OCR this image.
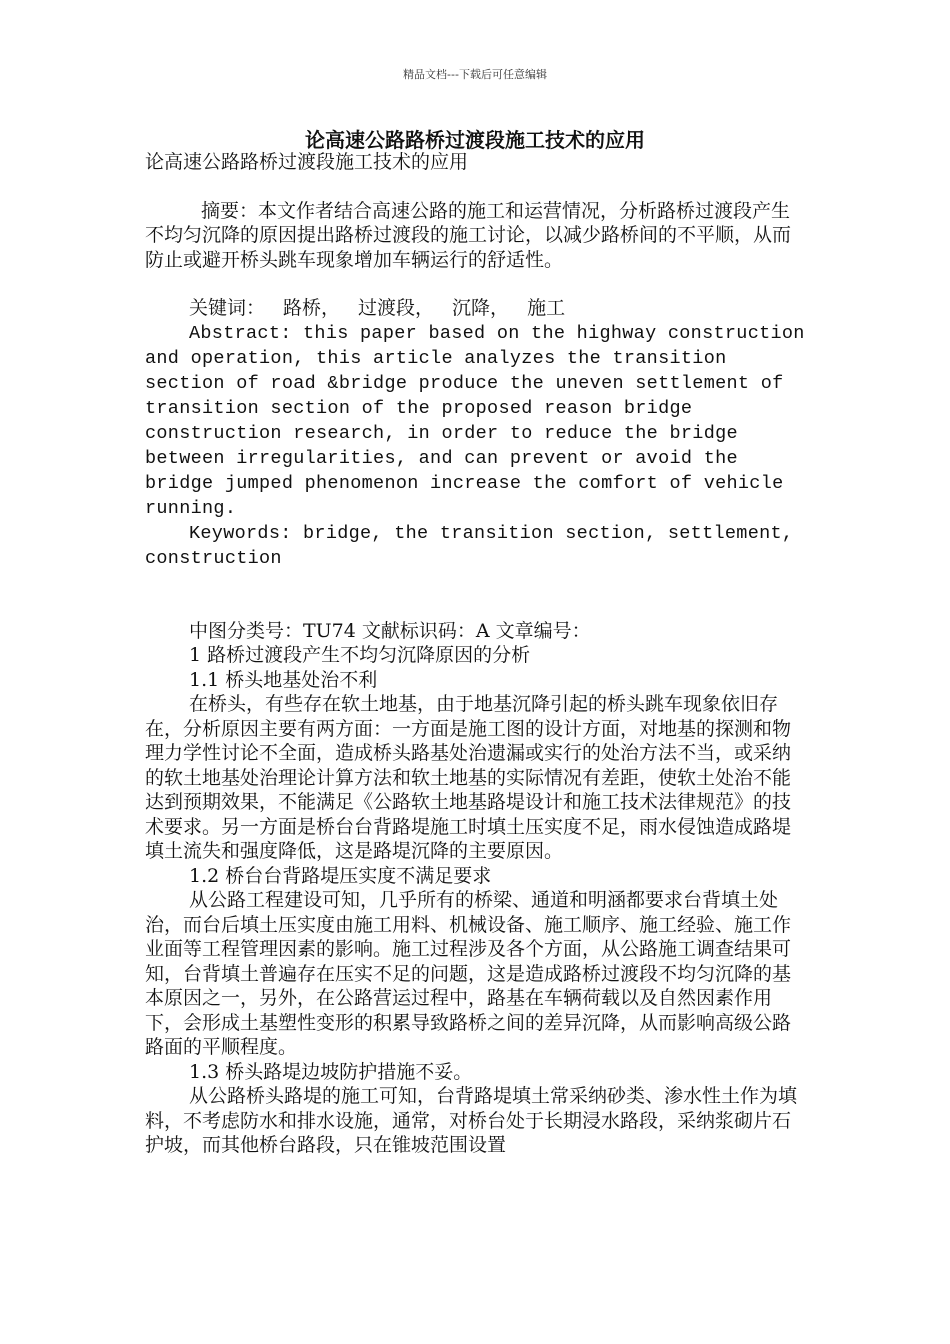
精品文档---下载后可任意编辑
论高速公路路桥过渡段施工技术的应用

论高速公路路桥过渡段施工技术的应用

摘要：本文作者结合高速公路的施工和运营情况，分析路桥过渡段产生不均匀沉降的原因提出路桥过渡段的施工讨论，以减少路桥间的不平顺，从而防止或避开桥头跳车现象增加车辆运行的舒适性。

关键词： 路桥， 过渡段， 沉降， 施工

Abstract: this paper based on the highway construction and operation, this article analyzes the transition section of road &bridge produce the uneven settlement of transition section of the proposed reason bridge construction research, in order to reduce the bridge between irregularities, and can prevent or avoid the bridge jumped phenomenon increase the comfort of vehicle running.

Keywords: bridge, the transition section, settlement, construction

中图分类号：TU74 文献标识码：A 文章编号：

1 路桥过渡段产生不均匀沉降原因的分析

1.1 桥头地基处治不利

在桥头，有些存在软土地基，由于地基沉降引起的桥头跳车现象依旧存在，分析原因主要有两方面：一方面是施工图的设计方面，对地基的探测和物理力学性讨论不全面，造成桥头路基处治遗漏或实行的处治方法不当，或采纳的软土地基处治理论计算方法和软土地基的实际情况有差距，使软土处治不能达到预期效果，不能满足《公路软土地基路堤设计和施工技术法律规范》的技术要求。另一方面是桥台台背路堤施工时填土压实度不足，雨水侵蚀造成路堤填土流失和强度降低，这是路堤沉降的主要原因。

1.2 桥台台背路堤压实度不满足要求

从公路工程建设可知，几乎所有的桥梁、通道和明涵都要求台背填土处治，而台后填土压实度由施工用料、机械设备、施工顺序、施工经验、施工作业面等工程管理因素的影响。施工过程涉及各个方面，从公路施工调查结果可知，台背填土普遍存在压实不足的问题，这是造成路桥过渡段不均匀沉降的基本原因之一，另外，在公路营运过程中，路基在车辆荷载以及自然因素作用下，会形成土基塑性变形的积累导致路桥之间的差异沉降，从而影响高级公路路面的平顺程度。

1.3 桥头路堤边坡防护措施不妥。

从公路桥头路堤的施工可知，台背路堤填土常采纳砂类、渗水性土作为填料，不考虑防水和排水设施，通常，对桥台处于长期浸水路段，采纳浆砌片石护坡，而其他桥台路段，只在锥坡范围设置
